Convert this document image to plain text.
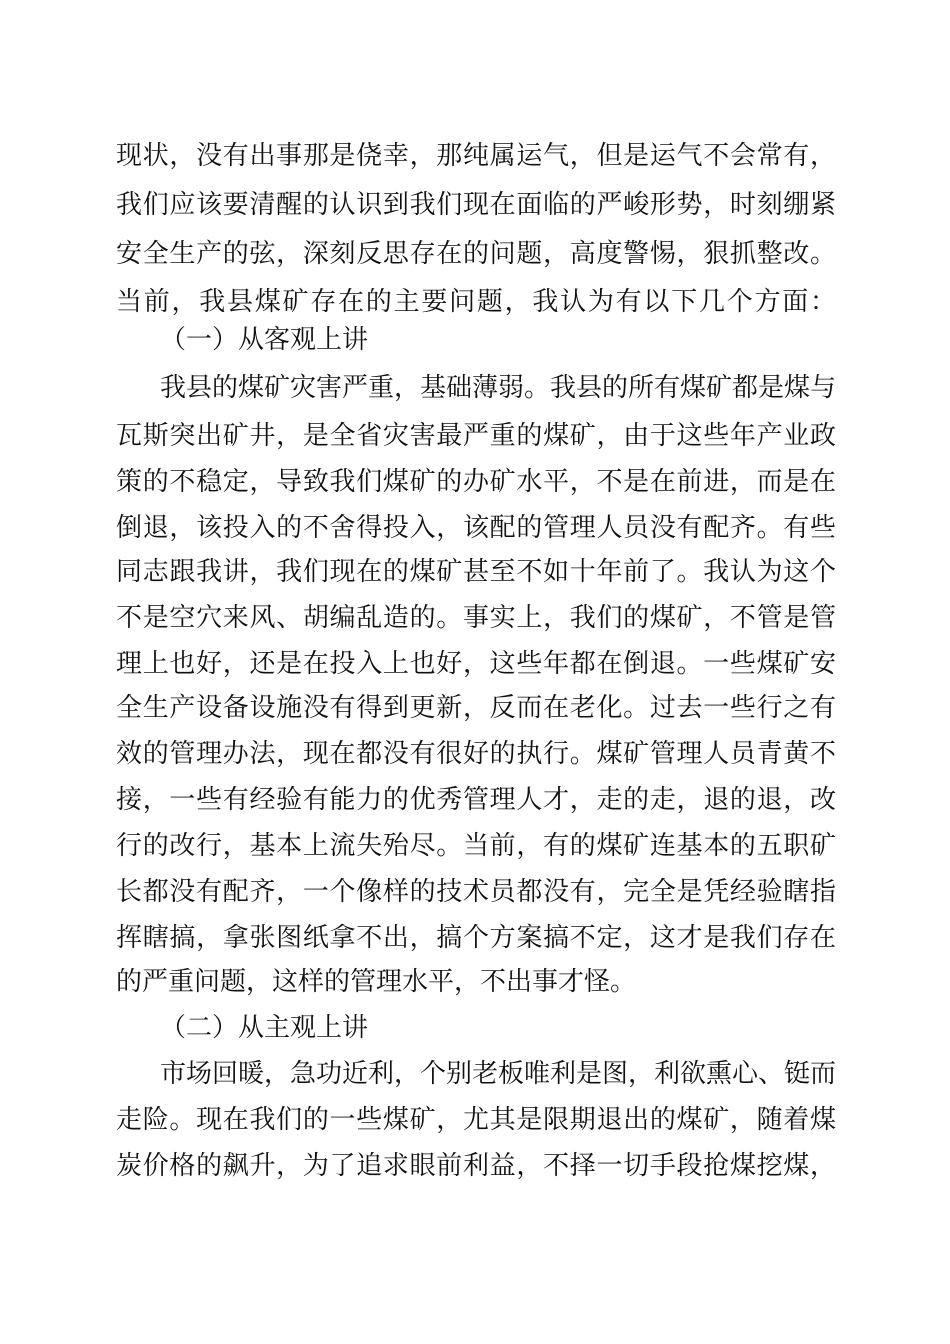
现状，没有出事那是侥幸，那纯属运气，但是运气不会常有，
我们应该要清醒的认识到我们现在面临的严峻形势，时刻绷紧
安全生产的弦，深刻反思存在的问题，高度警惕，狠抓整改。
当前，我县煤矿存在的主要问题，我认为有以下几个方面：
（一）从客观上讲
我县的煤矿灾害严重，基础薄弱。我县的所有煤矿都是煤与
瓦斯突出矿井，是全省灾害最严重的煤矿，由于这些年产业政
策的不稳定，导致我们煤矿的办矿水平，不是在前进，而是在
倒退，该投入的不舍得投入，该配的管理人员没有配齐。有些
同志跟我讲，我们现在的煤矿甚至不如十年前了。我认为这个
不是空穴来风、胡编乱造的。事实上，我们的煤矿，不管是管
理上也好，还是在投入上也好，这些年都在倒退。一些煤矿安
全生产设备设施没有得到更新，反而在老化。过去一些行之有
效的管理办法，现在都没有很好的执行。煤矿管理人员青黄不
接，一些有经验有能力的优秀管理人才，走的走，退的退，改
行的改行，基本上流失殆尽。当前，有的煤矿连基本的五职矿
长都没有配齐，一个像样的技术员都没有，完全是凭经验瞎指
挥瞎搞，拿张图纸拿不出，搞个方案搞不定，这才是我们存在
的严重问题，这样的管理水平，不出事才怪。
（二）从主观上讲
市场回暖，急功近利，个别老板唯利是图，利欲熏心、铤而
走险。现在我们的一些煤矿，尤其是限期退出的煤矿，随着煤
炭价格的飙升，为了追求眼前利益，不择一切手段抢煤挖煤，
